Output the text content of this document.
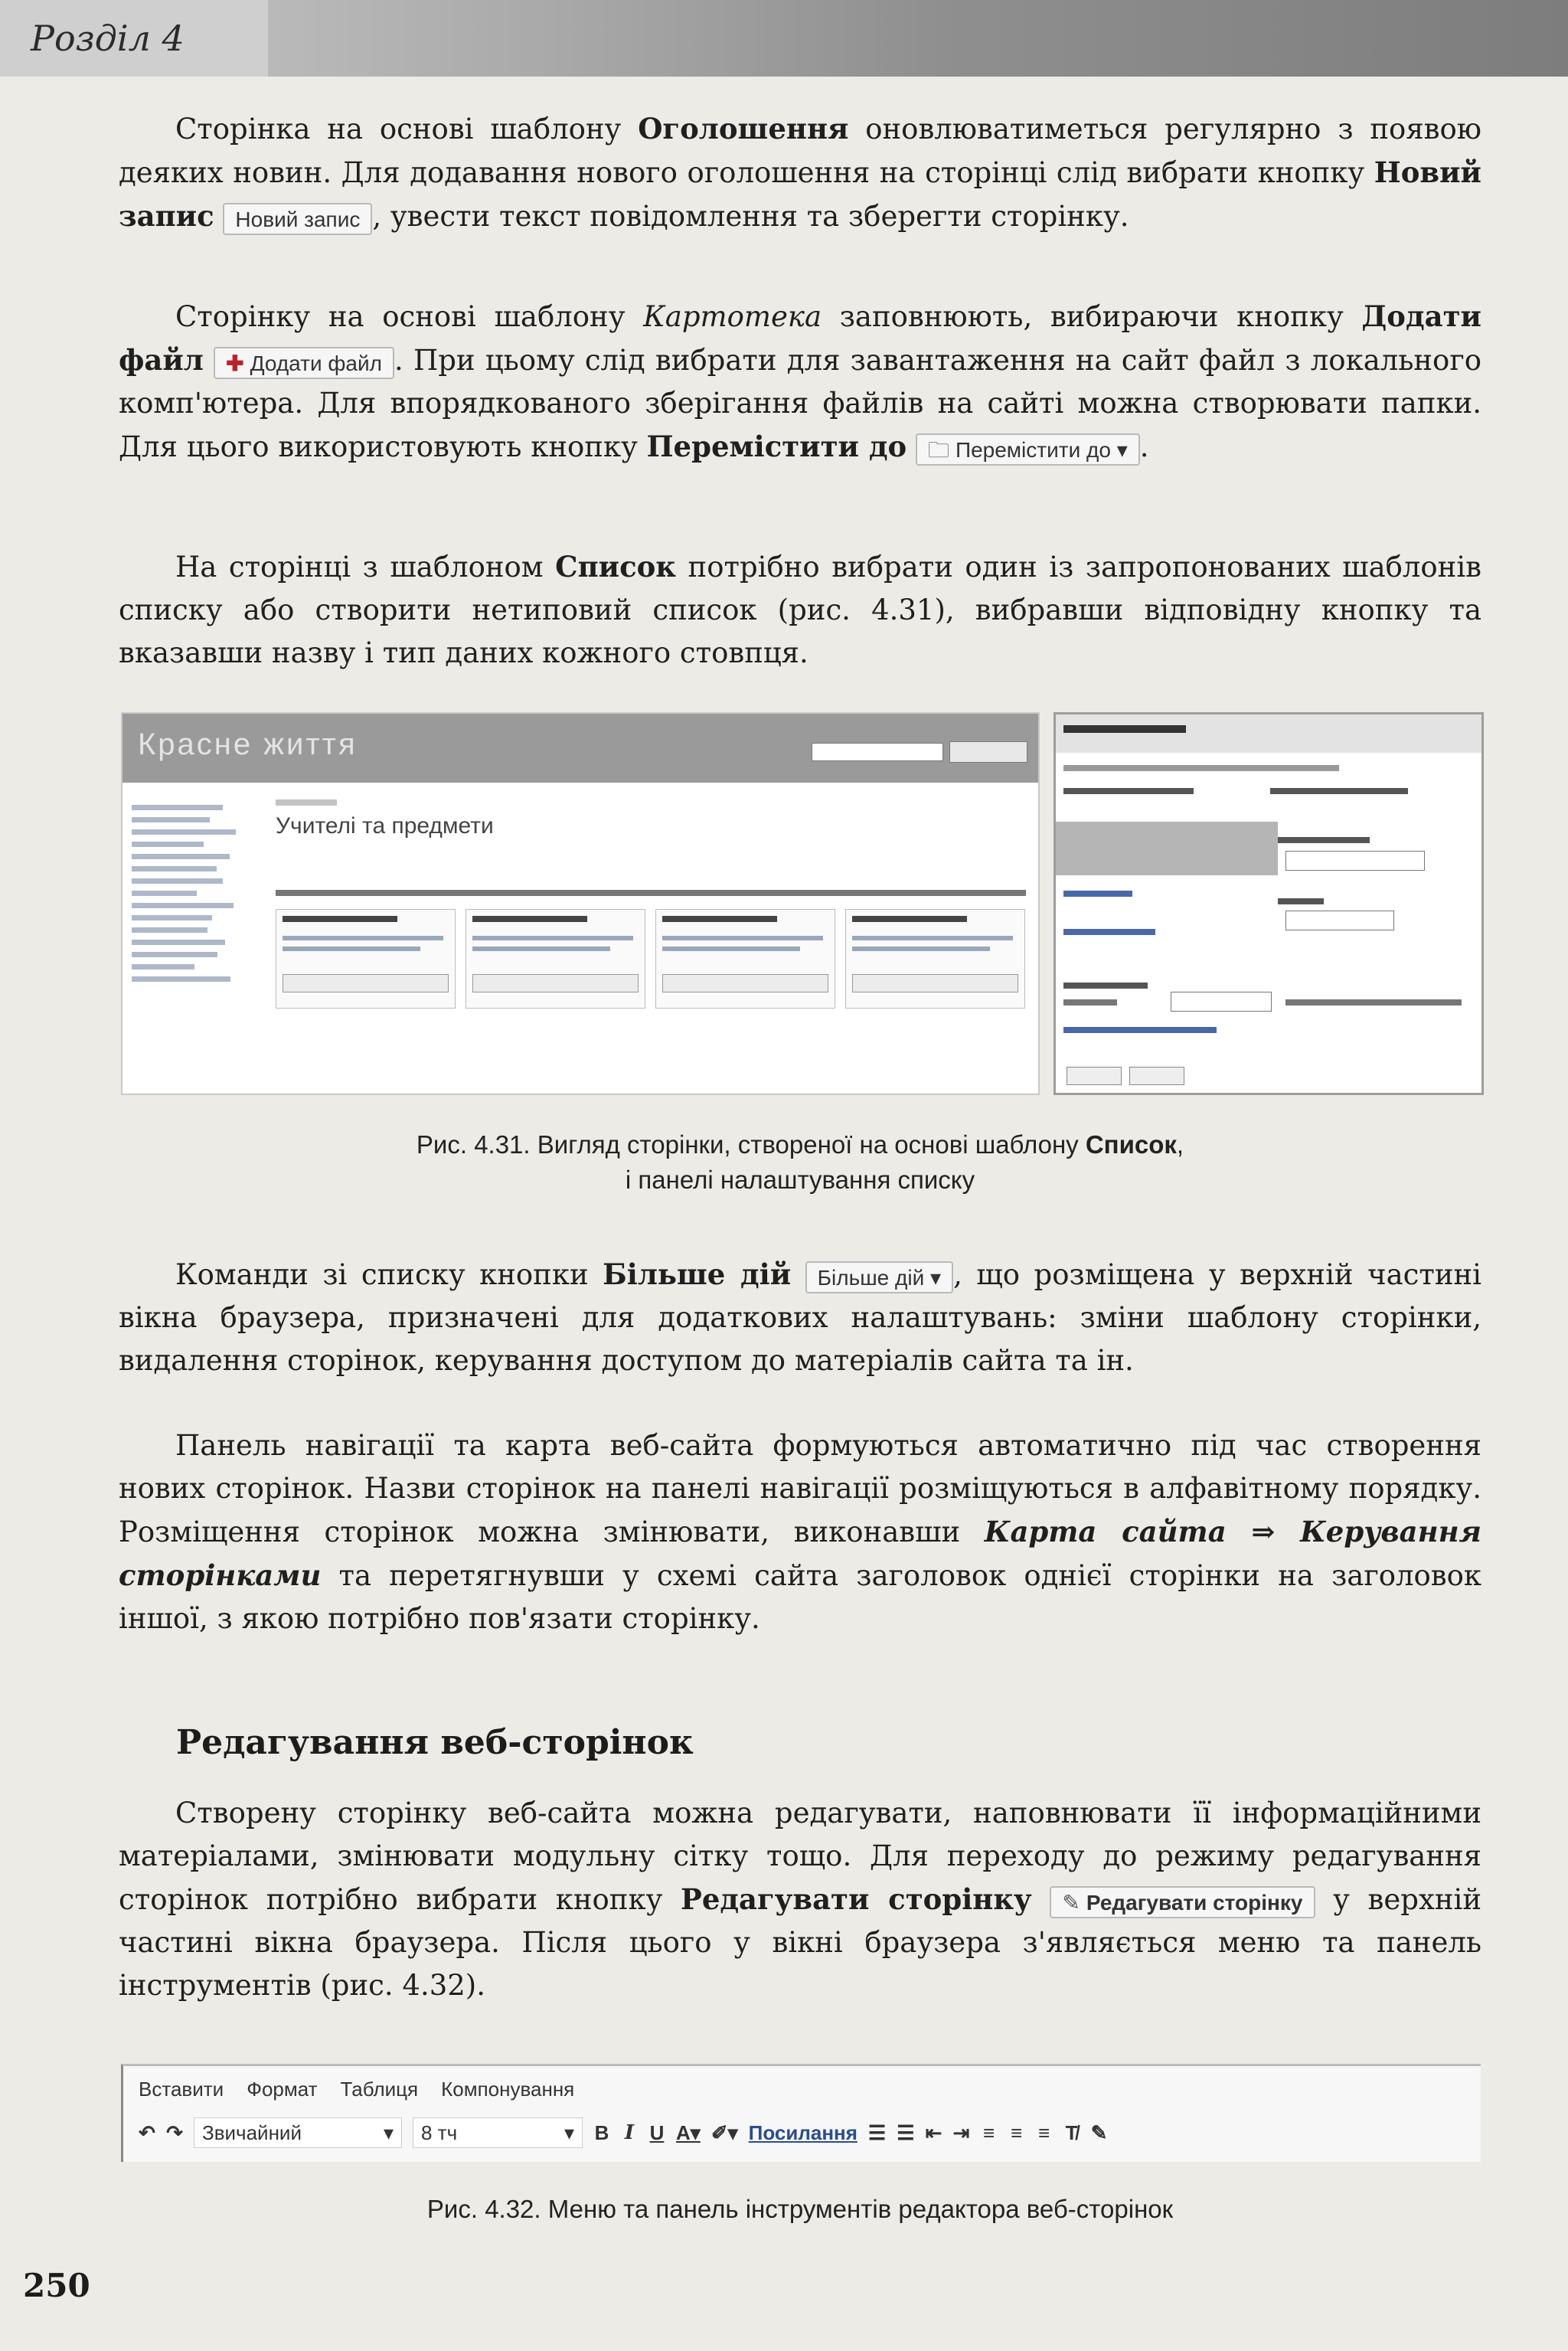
Розділ 4

Сторінка на основі шаблону Оголошення оновлюватиметься регулярно з появою деяких новин. Для додавання нового оголошення на сторінці слід вибрати кнопку Новий запис Новий запис , увести текст повідомлення та зберегти сторінку.

Сторінку на основі шаблону Картотека заповнюють, вибираючи кнопку Додати файл ✚ Додати файл . При цьому слід вибрати для завантаження на сайт файл з локального комп'ютера. Для впорядкованого зберігання файлів на сайті можна створювати папки. Для цього використовують кнопку Перемістити до 🗀 Перемістити до ▾ .

На сторінці з шаблоном Список потрібно вибрати один із запропонованих шаблонів списку або створити нетиповий список (рис. 4.31), вибравши відповідну кнопку та вказавши назву і тип даних кожного стовпця.

Красне життя
Учителі та предмети
Рис. 4.31. Вигляд сторінки, створеної на основі шаблону Список,
і панелі налаштування списку

Команди зі списку кнопки Більше дій Більше дій ▾ , що розміщена у верхній частині вікна браузера, призначені для додаткових налаштувань: зміни шаблону сторінки, видалення сторінок, керування доступом до матеріалів сайта та ін.

Панель навігації та карта веб-сайта формуються автоматично під час створення нових сторінок. Назви сторінок на панелі навігації розміщуються в алфавітному порядку. Розміщення сторінок можна змінювати, виконавши Карта сайта ⇒ Керування сторінками та перетягнувши у схемі сайта заголовок однієї сторінки на заголовок іншої, з якою потрібно пов'язати сторінку.

Редагування веб-сторінок

Створену сторінку веб-сайта можна редагувати, наповнювати її інформаційними матеріалами, змінювати модульну сітку тощо. Для переходу до режиму редагування сторінок потрібно вибрати кнопку Редагувати сторінку ✎ Редагувати сторінку у верхній частині вікна браузера. Після цього у вікні браузера з'являється меню та панель інструментів (рис. 4.32).

Вставити Формат Таблиця Компонування
↶ ↷ Звичайний	▾	8 тч	▾ B I U A▾ ✐▾ Посилання ☰ ☰ ⇤ ⇥ ≡ ≡ ≡ T̸ ✎
Рис. 4.32. Меню та панель інструментів редактора веб-сторінок
250
